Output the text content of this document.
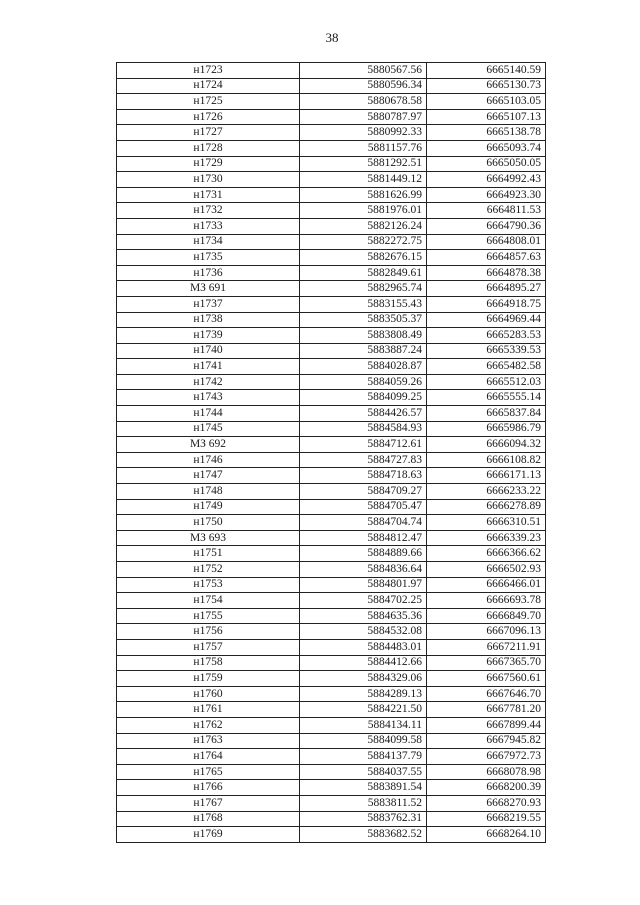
38
н1723	5880567.56	6665140.59
н1724	5880596.34	6665130.73
н1725	5880678.58	6665103.05
н1726	5880787.97	6665107.13
н1727	5880992.33	6665138.78
н1728	5881157.76	6665093.74
н1729	5881292.51	6665050.05
н1730	5881449.12	6664992.43
н1731	5881626.99	6664923.30
н1732	5881976.01	6664811.53
н1733	5882126.24	6664790.36
н1734	5882272.75	6664808.01
н1735	5882676.15	6664857.63
н1736	5882849.61	6664878.38
МЗ 691	5882965.74	6664895.27
н1737	5883155.43	6664918.75
н1738	5883505.37	6664969.44
н1739	5883808.49	6665283.53
н1740	5883887.24	6665339.53
н1741	5884028.87	6665482.58
н1742	5884059.26	6665512.03
н1743	5884099.25	6665555.14
н1744	5884426.57	6665837.84
н1745	5884584.93	6665986.79
МЗ 692	5884712.61	6666094.32
н1746	5884727.83	6666108.82
н1747	5884718.63	6666171.13
н1748	5884709.27	6666233.22
н1749	5884705.47	6666278.89
н1750	5884704.74	6666310.51
МЗ 693	5884812.47	6666339.23
н1751	5884889.66	6666366.62
н1752	5884836.64	6666502.93
н1753	5884801.97	6666466.01
н1754	5884702.25	6666693.78
н1755	5884635.36	6666849.70
н1756	5884532.08	6667096.13
н1757	5884483.01	6667211.91
н1758	5884412.66	6667365.70
н1759	5884329.06	6667560.61
н1760	5884289.13	6667646.70
н1761	5884221.50	6667781.20
н1762	5884134.11	6667899.44
н1763	5884099.58	6667945.82
н1764	5884137.79	6667972.73
н1765	5884037.55	6668078.98
н1766	5883891.54	6668200.39
н1767	5883811.52	6668270.93
н1768	5883762.31	6668219.55
н1769	5883682.52	6668264.10
